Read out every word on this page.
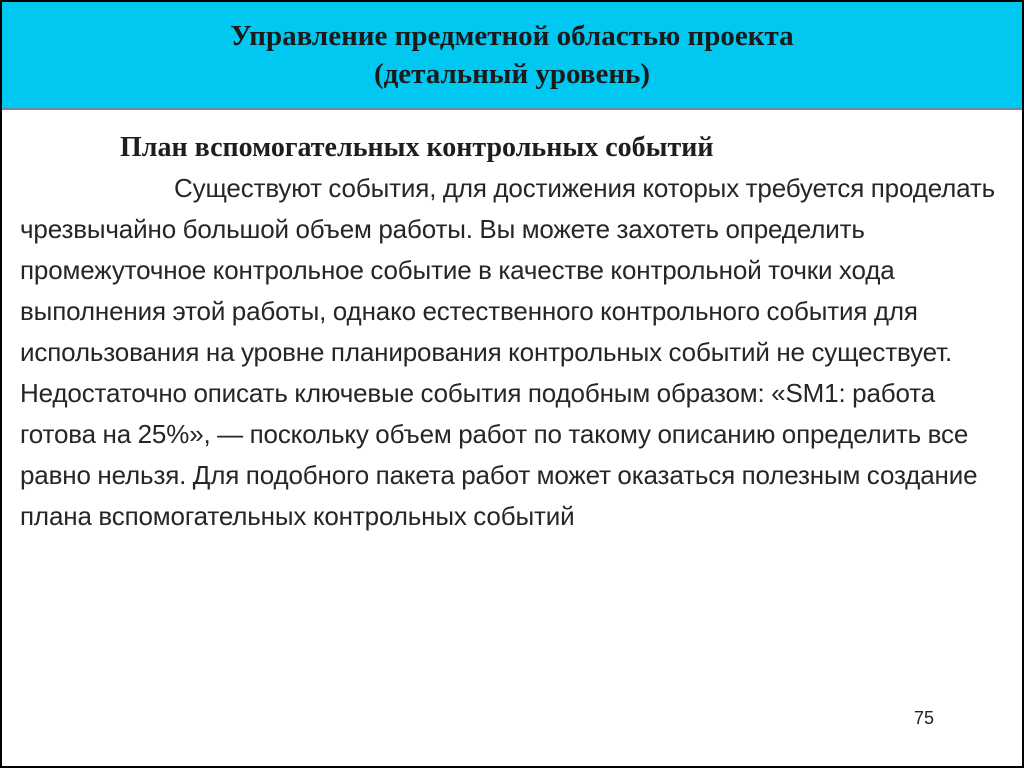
Управление предметной областью проекта
(детальный уровень)
План вспомогательных контрольных событий
Существуют события, для достижения которых требуется проделать чрезвычайно большой объем работы. Вы можете захотеть определить промежуточное контрольное событие в качестве контрольной точки хода выполнения этой работы, однако естественного контрольного события для использования на уровне планирования контрольных событий не существует. Недостаточно описать ключевые события подобным образом: «SM1: работа готова на 25%», — поскольку объем работ по такому описанию определить все равно нельзя. Для подобного пакета работ может оказаться полезным создание плана вспомогательных контрольных событий
75
